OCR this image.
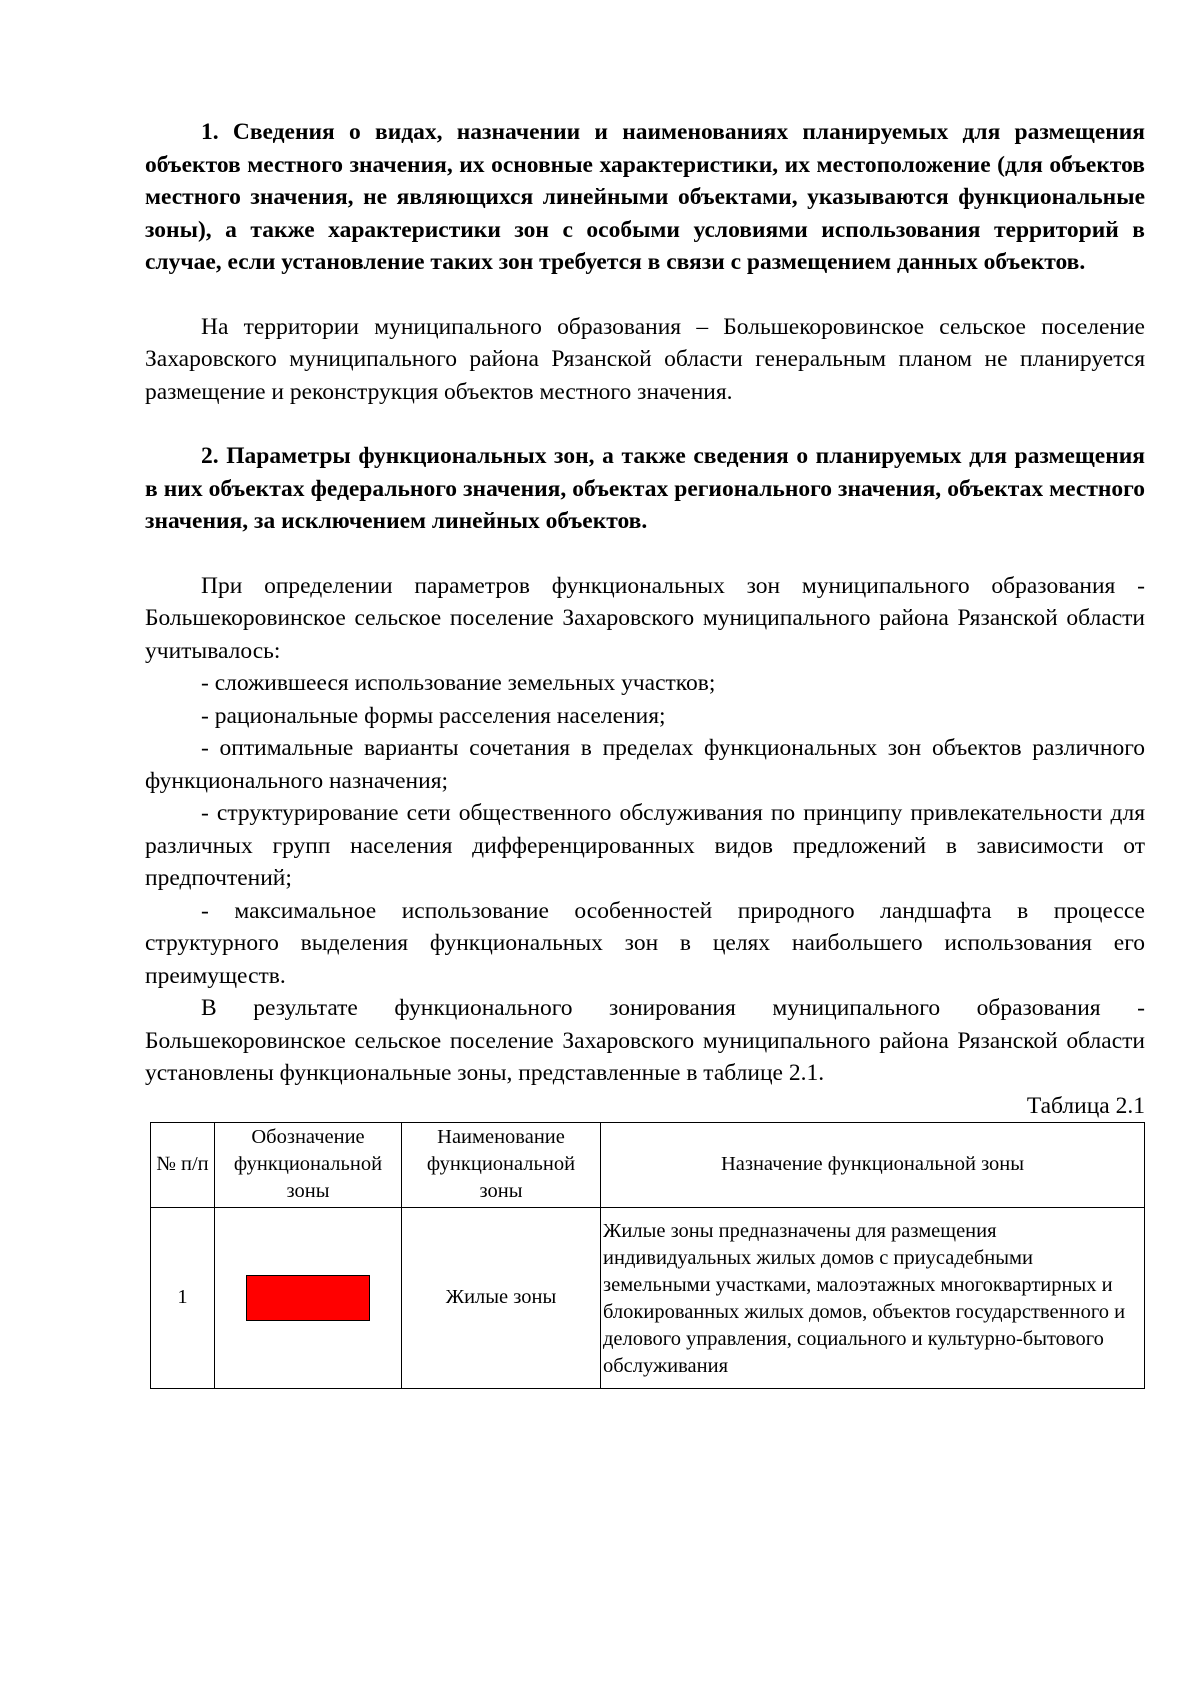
1. Сведения о видах, назначении и наименованиях планируемых для размещения объектов местного значения, их основные характеристики, их местоположение (для объектов местного значения, не являющихся линейными объектами, указываются функциональные зоны), а также характеристики зон с особыми условиями использования территорий в случае, если установление таких зон требуется в связи с размещением данных объектов.

На территории муниципального образования – Большекоровинское сельское поселение Захаровского муниципального района Рязанской области генеральным планом не планируется размещение и реконструкция объектов местного значения.

2. Параметры функциональных зон, а также сведения о планируемых для размещения в них объектах федерального значения, объектах регионального значения, объектах местного значения, за исключением линейных объектов.

При определении параметров функциональных зон муниципального образования - Большекоровинское сельское поселение Захаровского муниципального района Рязанской области учитывалось:

- сложившееся использование земельных участков;
- рациональные формы расселения населения;
- оптимальные варианты сочетания в пределах функциональных зон объектов различного функционального назначения;
- структурирование сети общественного обслуживания по принципу привлекательности для различных групп населения дифференцированных видов предложений в зависимости от предпочтений;
- максимальное использование особенностей природного ландшафта в процессе структурного выделения функциональных зон в целях наибольшего использования его преимуществ.

В результате функционального зонирования муниципального образования - Большекоровинское сельское поселение Захаровского муниципального района Рязанской области установлены функциональные зоны, представленные в таблице 2.1.

Таблица 2.1

№ п/п	Обозначение функциональной зоны	Наименование функциональной зоны	Назначение функциональной зоны
1		Жилые зоны	Жилые зоны предназначены для размещения индивидуальных жилых домов с приусадебными земельными участками, малоэтажных многоквартирных и блокированных жилых домов, объектов государственного и делового управления, социального и культурно-бытового обслуживания
